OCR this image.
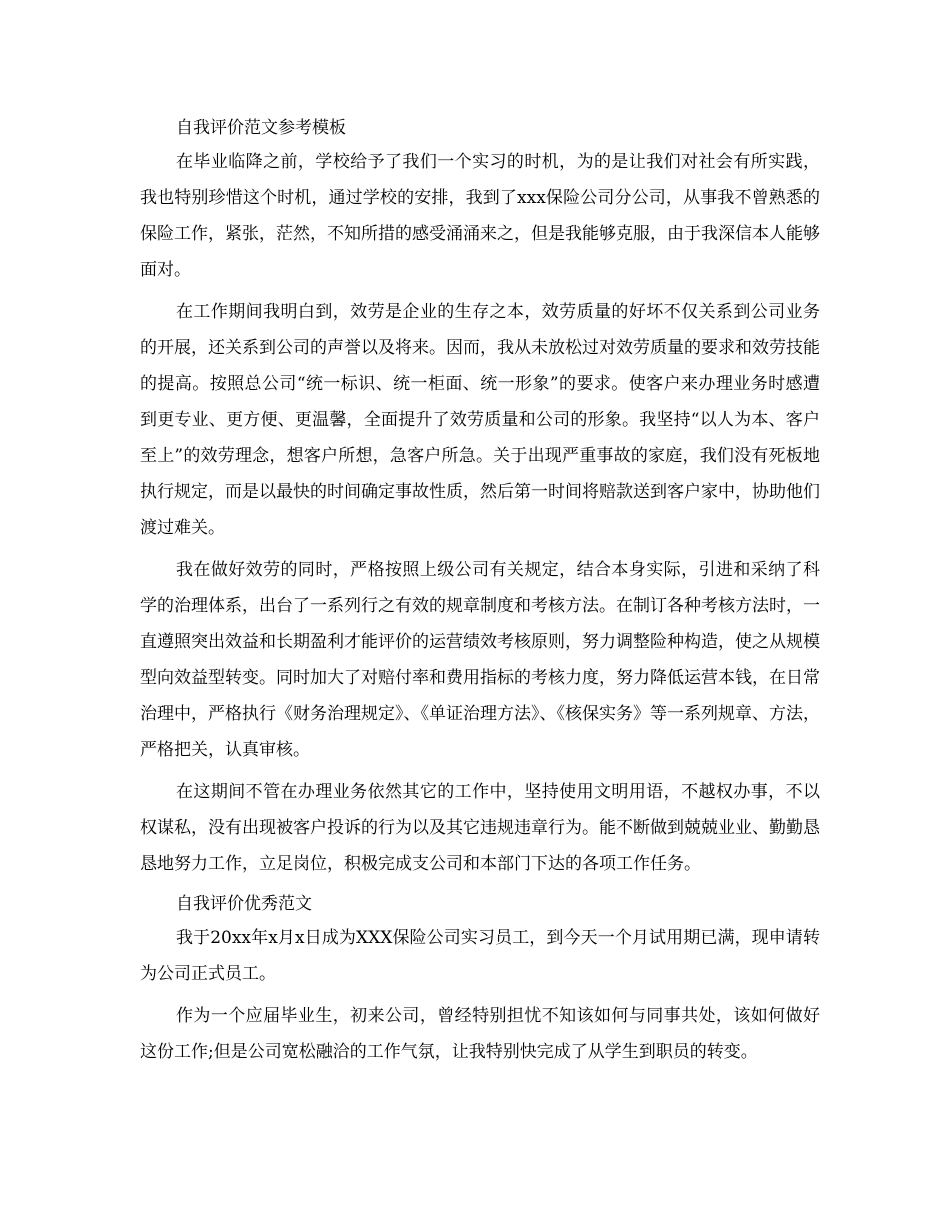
自我评价范文参考模板

在毕业临降之前，学校给予了我们一个实习的时机，为的是让我们对社会有所实践，我也特别珍惜这个时机，通过学校的安排，我到了xxx保险公司分公司，从事我不曾熟悉的保险工作，紧张，茫然，不知所措的感受涌涌来之，但是我能够克服，由于我深信本人能够面对。

在工作期间我明白到，效劳是企业的生存之本，效劳质量的好坏不仅关系到公司业务的开展，还关系到公司的声誉以及将来。因而，我从未放松过对效劳质量的要求和效劳技能的提高。按照总公司“统一标识、统一柜面、统一形象”的要求。使客户来办理业务时感遭到更专业、更方便、更温馨，全面提升了效劳质量和公司的形象。我坚持“以人为本、客户至上”的效劳理念，想客户所想，急客户所急。关于出现严重事故的家庭，我们没有死板地执行规定，而是以最快的时间确定事故性质，然后第一时间将赔款送到客户家中，协助他们渡过难关。

我在做好效劳的同时，严格按照上级公司有关规定，结合本身实际，引进和采纳了科学的治理体系，出台了一系列行之有效的规章制度和考核方法。在制订各种考核方法时，一直遵照突出效益和长期盈利才能评价的运营绩效考核原则，努力调整险种构造，使之从规模型向效益型转变。同时加大了对赔付率和费用指标的考核力度，努力降低运营本钱，在日常治理中，严格执行《财务治理规定》、《单证治理方法》、《核保实务》等一系列规章、方法，严格把关，认真审核。

在这期间不管在办理业务依然其它的工作中，坚持使用文明用语，不越权办事，不以权谋私，没有出现被客户投诉的行为以及其它违规违章行为。能不断做到兢兢业业、勤勤恳恳地努力工作，立足岗位，积极完成支公司和本部门下达的各项工作任务。

自我评价优秀范文

我于20xx年x月x日成为XXX保险公司实习员工，到今天一个月试用期已满，现申请转为公司正式员工。

作为一个应届毕业生，初来公司，曾经特别担忧不知该如何与同事共处，该如何做好这份工作;但是公司宽松融洽的工作气氛，让我特别快完成了从学生到职员的转变。
